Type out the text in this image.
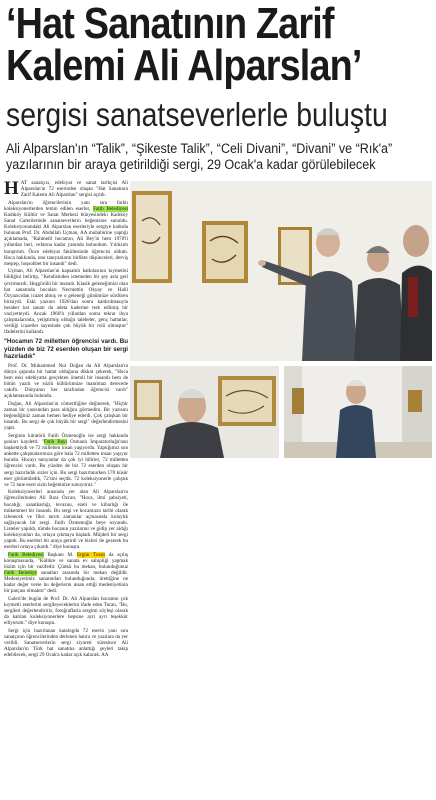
‘Hat Sanatının Zarif
Kalemi Ali Alparslan’
sergisi sanatseverlerle buluştu

Ali Alparslan'ın “Talik”, “Şikeste Talik”, “Celi Divani”, “Divani” ve “Rık'a”

yazılarının bir araya getirildiği sergi, 29 Ocak'a kadar görülebilecek

H AT sanatçısı, edebiyat ve sanat tarihçisi Ali Alparslan'ın 72 eserinden oluşan "Hat Sanatının Zarif Kalemi Ali Alparslan" sergisi açıldı.

Alparslan'ın öğrencilerinin yanı sıra farklı koleksiyonerlerden temin edilen eserler, Fatih Belediyesi Kadıköy Kültür ve Sanat Merkezi bünyesindeki Kadıköy Sanat Galerilerinde sanatseverlerin beğenisine sunuldu. Koleksiyonundaki Ali Alparslan eserleriyle sergiye katkıda bulunan Prof. Dr. Abdullah Uçman, AA muhabirine yaptığı açıklamada, "Rahmetli hocamın, Ali Bey'in hem 1970'li yıllardan beri, vefatına kadar yanında bulundum. Yıldızım barıştırım. Önce edebiyat fakültesinde öğrencisi oldum. Hoca hakkında, onu tanıyanların birlikte düşünceleri, derviş meşrep, hoşsohbet bir insandı" dedi.

Uçman, Ali Alparslan'ın kapsamlı katkılarının kıymetini bildiğini belirtip, "Kendisinden istemeden bir şey asla geri çevirmezdi. Hoşgörülü bir insandı. Klasik geleneğimizi olan hat sanatında hocaları Necmettin Okyay ve Halil Özyazıcıdan icazet almış ve o geleneği günümüze sürdüren birisiydi. Eski yazının 1926'dan sonra kaldırılmasıyla beraber hat sanatı da adeta kaderine terk edilmiş bir vaziyetteydi. Ancak 1960'lı yıllardan sonra tekrar ihya çalışmalarında, yetiştirmiş olduğu talebeler, genç hattatlar, verdiği icazetler sayesinde çok büyük bir rolü olmuştur" ifadelerini kullandı.

"Hocamın 72 milletten öğrencisi vardı. Bu yüzden de biz 72 eserden oluşan bir sergi hazırladık"

Prof. Dr. Muhammed Nur Doğan da Ali Alparslan'ın dünya çapında bir hattat olduğuna dikkat çekerek, "Hoca hem eski edebiyatta gerçekten önemli bir insandı hem de bütün yazılı ve sözlü kültürümüze inanılmaz derecede vakıftı. Dünyanın her tarafından öğrencisi vardı" açıklamasında bulundu.

Doğan, Ali Alparslan'ın cömertliğine değinerek, "Hiçbir zaman bir yazısından para aldığını görmedim. Bir yazısını beğendiğiniz zaman hemen hediye ederdi. Çok çalışkan bir insandı. Bu sergi de çok büyük bir sergi" değerlendirmesini yaptı.

Serginin küratörü Fatih Özmenoğlu ise sergi hakkında şunları kaydetti: "Fatih Bayı Osmanlı İmparatorluğu'nun başkentiydi ve 72 milletten insan yaşıyordu. Yaptığımız son ankette çalışmalarımıza göre hala 72 milletten insan yaşıyor burada. Hocayı tanıyanlar da çok iyi bilirler, 72 milletten öğrencisi vardı. Bu yüzden de biz 72 eserden oluşan bir sergi hazırladık sizler için. Bu sergi hazırlanırken 170 küsür eser görüntüledik, 72'sini seçtik. 72 koleksiyonerle çalıştık ve 72 tane eseri sizin beğeninize sunuyoruz."

Koleksiyonerleri arasında yer alan Ali Alparslan'ın öğrencilerinden Ali Rıza Özcan, "Hoca, ilmi şahsiyeti, hocalığı, sanatkarlığı, tevazuu, ezeli ve kibarlığı ile mükemmel bir insandı. Bu sergi ve hocamızın tarihi olarak izlenecek ve fikri tarım zamanlar açmasında kolaylık sağlayacak bir sergi. Fatih Özmenoğlu beye soyundu. Listeler yapıldı, tümde hocanın yazılarını ve gidip yer aldığı koleksiyonları da, ortaya çıkmaya başladı. Müjdeli bir sergi yaptık. Bu eserleri bir araya getirdi ve bizleri de gezerek bu eserleri ortaya çıkardı." diye konuştu.

Fatih Belediyesi Başkanı M. Ergün Turan da açılış konuşmasında, "Kültüre ve sanata ev sahipliği yapmak bizim için bir vazifedir. Çünkü bu mekan, bulunduğunuz Fatih Belediye sanatları arasında bir mekan değildir. Medeniyetimiz sanatından bulunduğunda, ürettiğine ne kadar değer verse bu değerlerin ınsan ettiği medeniyetinin bir parçası olmaktır" dedi.

Galeri'de bugün de Prof. Dr. Ali Alparslan hocamın çok kıymetli eserlerini sergileyeceklerini ifade eden Turan, "Bu, sergileri değerlendiririz, fotoğraflarla sergimi söyleşi olarak da katılan koleksiyonerlere hepsine ayrı ayrı teşekkür ediyorum." diye konuştu.

Sergi için hazırlanan katalogda 72 eserin yanı sıra sanatçının öğrencilerinden derlenen hatıra ve yazılara da yer verildi. Sanatseverlerin sergi ziyareti süresince Ali Alparslan'ın Türk hat sanatına anlattığı şeyleri takip edebilecek, sergi 29 Ocak'a kadar açık kalacak. AA
